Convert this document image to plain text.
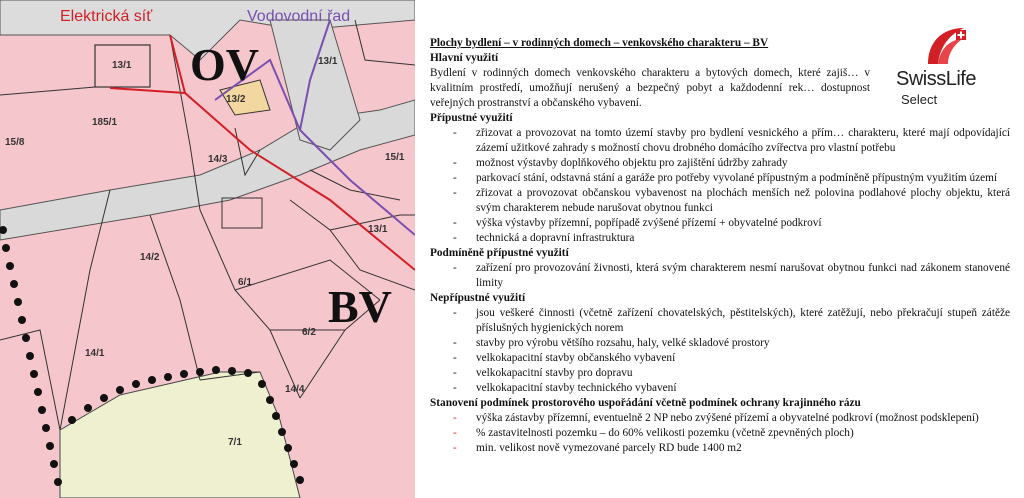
OV
BV
13/1
185/1
13/2
15/8
14/3
14/2
6/1
6/2
14/4
14/1
15/1
13/1
13/1
7/1
Elektrická síť	Vodovodní řad
Plochy bydlení – v rodinných domech – venkovského charakteru – BV
Hlavní využití

Bydlení v rodinných domech venkovského charakteru a bytových domech, které zajiš… v kvalitním prostředí, umožňují nerušený a bezpečný pobyt a každodenní rek… dostupnost veřejných prostranství a občanského vybavení.

Přípustné využití
- zřizovat a provozovat na tomto území stavby pro bydlení vesnického a přím… charakteru, které mají odpovídající zázemí užitkové zahrady s možností chovu drobného domácího zvířectva pro vlastní potřebu
- možnost výstavby doplňkového objektu pro zajištění údržby zahrady
- parkovací stání, odstavná stání a garáže pro potřeby vyvolané přípustným a podmíněně přípustným využitím území
- zřizovat a provozovat občanskou vybavenost na plochách menších než polovina podlahové plochy objektu, která svým charakterem nebude narušovat obytnou funkci
- výška výstavby přízemní, popřípadě zvýšené přízemí + obyvatelné podkroví
- technická a dopravní infrastruktura
Podmíněně přípustné využití
- zařízení pro provozování živnosti, která svým charakterem nesmí narušovat obytnou funkci nad zákonem stanovené limity
Nepřípustné využití
- jsou veškeré činnosti (včetně zařízení chovatelských, pěstitelských), které zatěžují, nebo překračují stupeň zátěže příslušných hygienických norem
- stavby pro výrobu většího rozsahu, haly, velké skladové prostory
- velkokapacitní stavby občanského vybavení
- velkokapacitní stavby pro dopravu
- velkokapacitní stavby technického vybavení
Stanovení podmínek prostorového uspořádání včetně podmínek ochrany krajinného rázu
- výška zástavby přízemní, eventuelně 2 NP nebo zvýšené přízemí a obyvatelné podkroví (možnost podsklepení)
- % zastavitelnosti pozemku – do 60% velikosti pozemku (včetně zpevněných ploch)
- min. velikost nově vymezované parcely RD bude 1400 m2
SwissLife
Select
